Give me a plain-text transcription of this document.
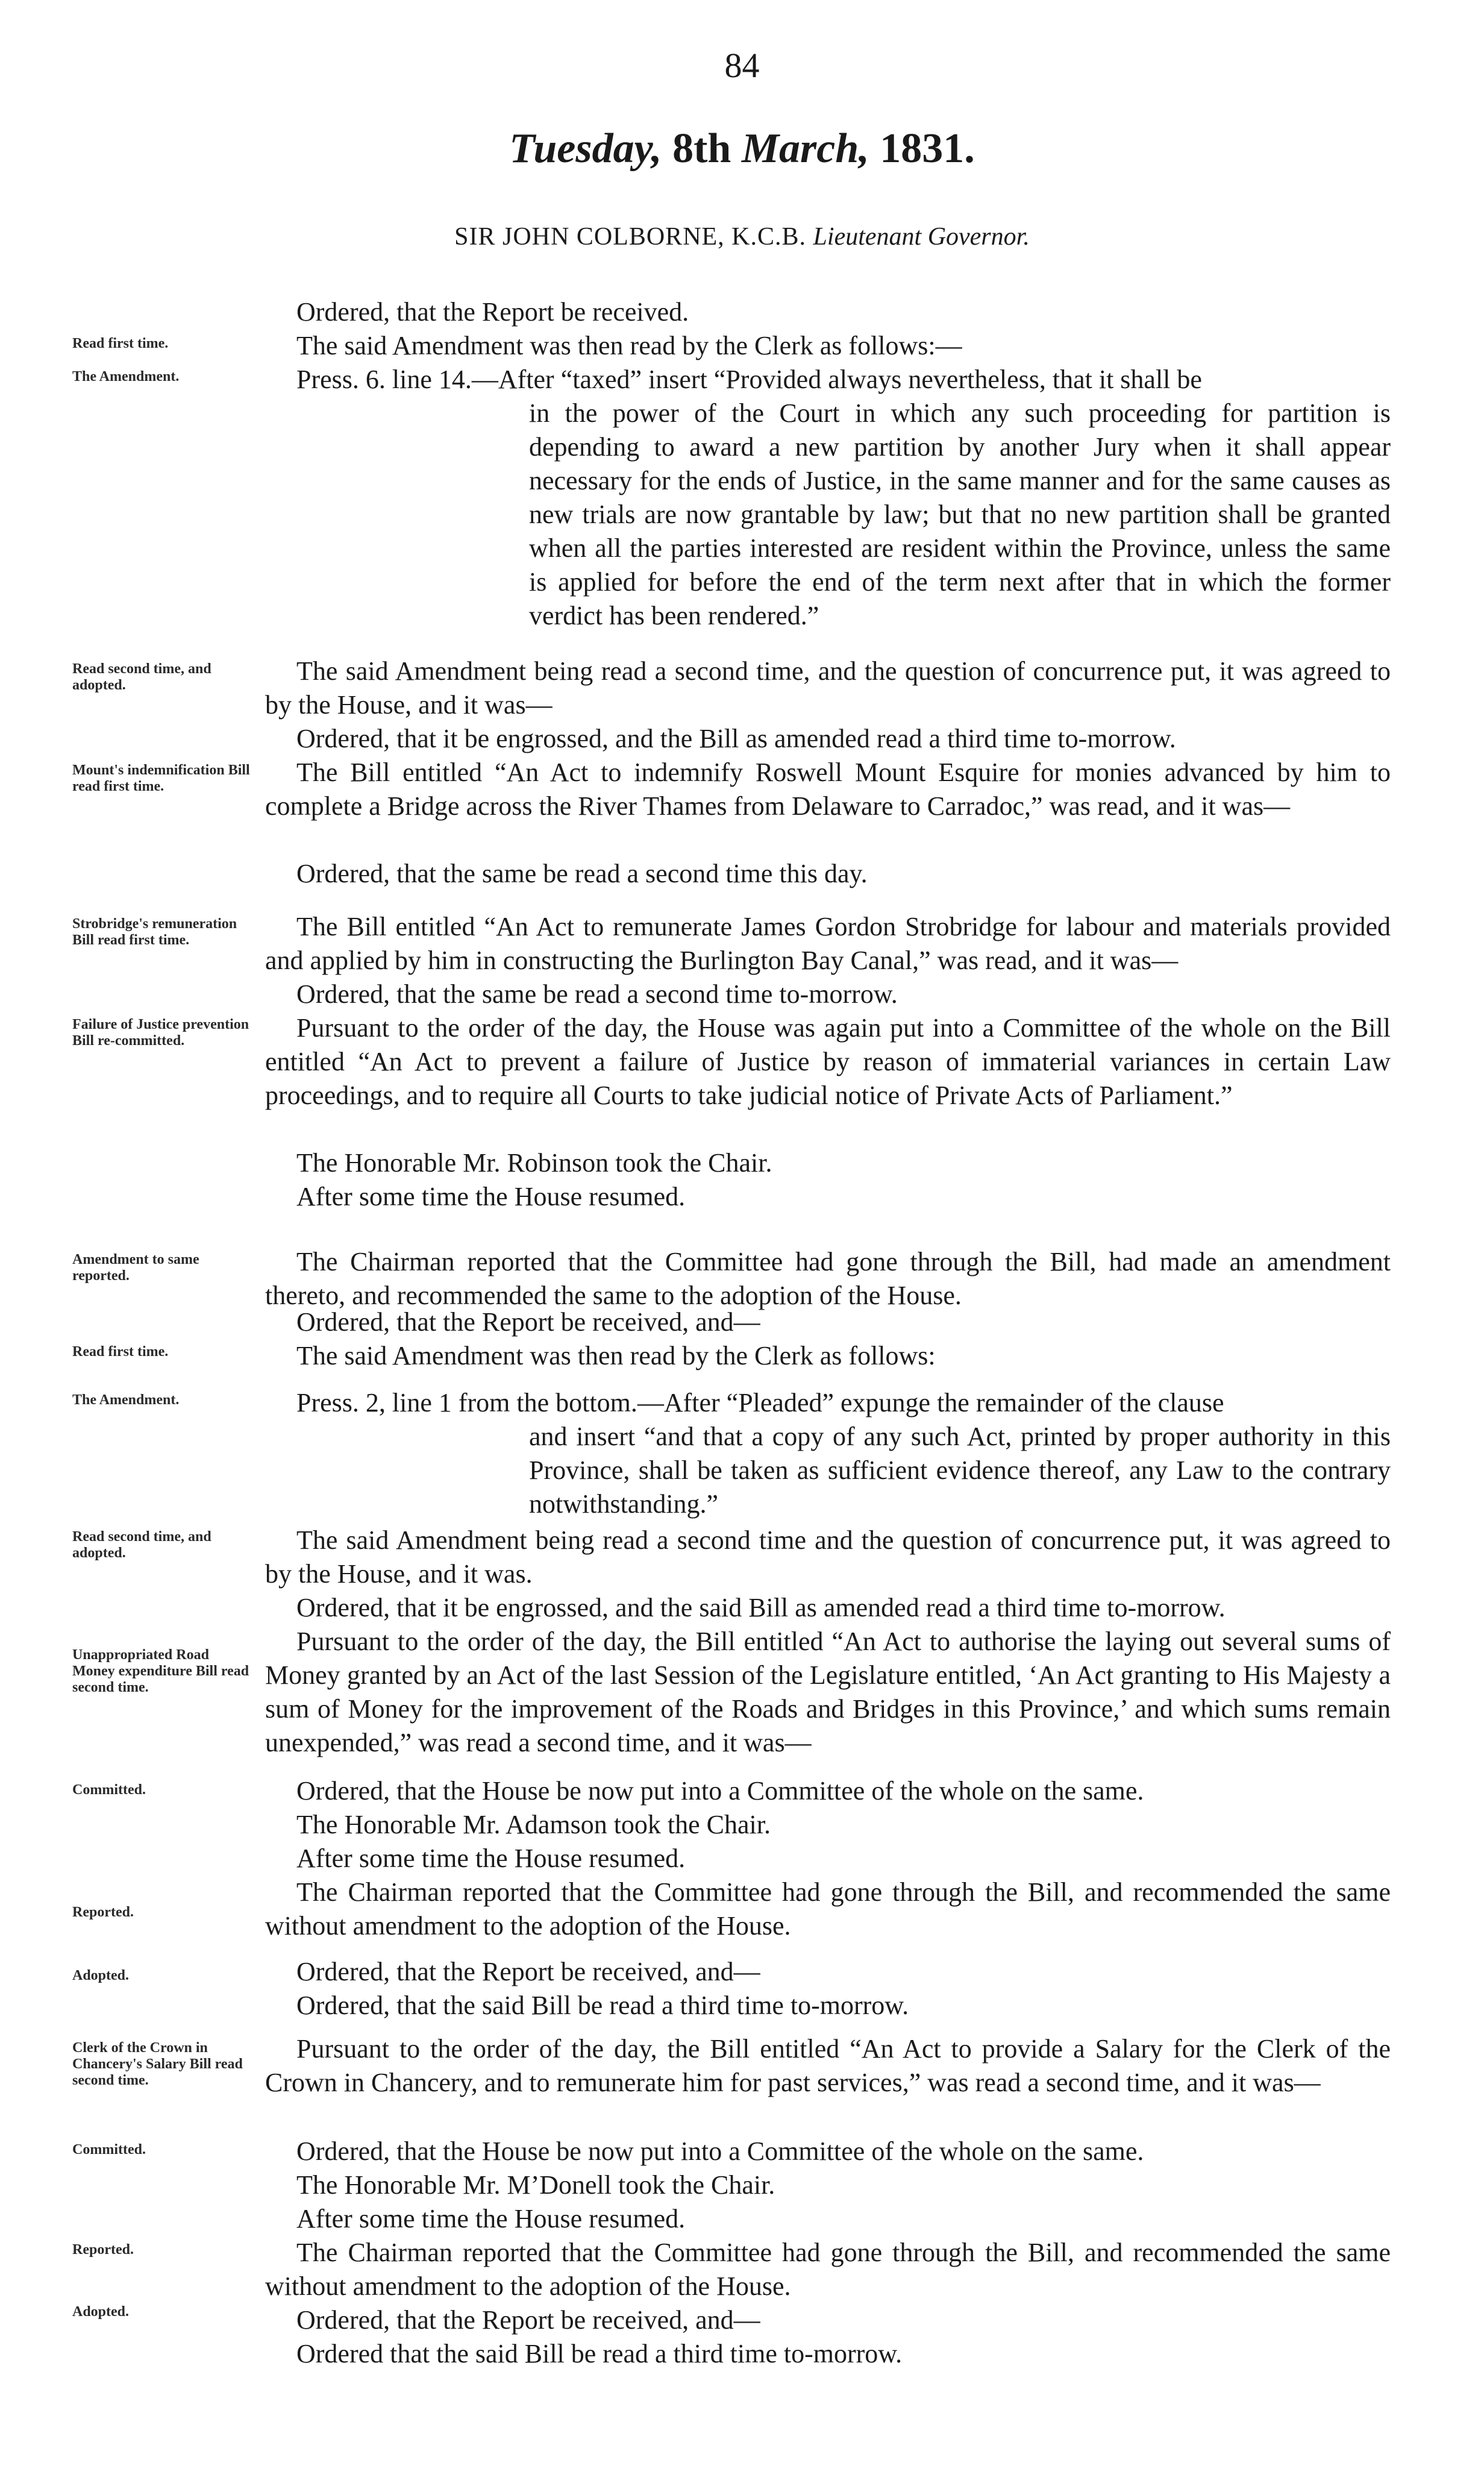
84
Tuesday, 8th March, 1831.
SIR JOHN COLBORNE, K.C.B. Lieutenant Governor.
Read first time.
The Amendment.
Read second time, and adopted.
Mount's indemnification Bill read first time.
Strobridge's remuneration Bill read first time.
Failure of Justice prevention Bill re-committed.
Amendment to same reported.
Read first time.
The Amendment.
Read second time, and adopted.
Unappropriated Road Money expenditure Bill read second time.
Committed.
Reported.
Adopted.
Clerk of the Crown in Chancery's Salary Bill read second time.
Committed.
Reported.
Adopted.
Ordered, that the Report be received.
The said Amendment was then read by the Clerk as follows:—
Press. 6. line 14.—After “taxed” insert “Provided always nevertheless, that it shall be
in the power of the Court in which any such proceeding for partition is depending to award a new partition by another Jury when it shall appear necessary for the ends of Justice, in the same manner and for the same causes as new trials are now grantable by law; but that no new partition shall be granted when all the parties interested are resident within the Province, unless the same is applied for before the end of the term next after that in which the former verdict has been rendered.”
The said Amendment being read a second time, and the question of concurrence put, it was agreed to by the House, and it was—
Ordered, that it be engrossed, and the Bill as amended read a third time to-morrow.
The Bill entitled “An Act to indemnify Roswell Mount Esquire for monies advanced by him to complete a Bridge across the River Thames from Delaware to Carradoc,” was read, and it was—
Ordered, that the same be read a second time this day.
The Bill entitled “An Act to remunerate James Gordon Strobridge for labour and materials provided and applied by him in constructing the Burlington Bay Canal,” was read, and it was—
Ordered, that the same be read a second time to-morrow.
Pursuant to the order of the day, the House was again put into a Committee of the whole on the Bill entitled “An Act to prevent a failure of Justice by reason of immaterial variances in certain Law proceedings, and to require all Courts to take judicial notice of Private Acts of Parliament.”
The Honorable Mr. Robinson took the Chair.
After some time the House resumed.
The Chairman reported that the Committee had gone through the Bill, had made an amendment thereto, and recommended the same to the adoption of the House.
Ordered, that the Report be received, and—
The said Amendment was then read by the Clerk as follows:
Press. 2, line 1 from the bottom.—After “Pleaded” expunge the remainder of the clause
and insert “and that a copy of any such Act, printed by proper authority in this Province, shall be taken as sufficient evidence thereof, any Law to the contrary notwithstanding.”
The said Amendment being read a second time and the question of concurrence put, it was agreed to by the House, and it was.
Ordered, that it be engrossed, and the said Bill as amended read a third time to-morrow.
Pursuant to the order of the day, the Bill entitled “An Act to authorise the laying out several sums of Money granted by an Act of the last Session of the Legislature entitled, ‘An Act granting to His Majesty a sum of Money for the improvement of the Roads and Bridges in this Province,’ and which sums remain unexpended,” was read a second time, and it was—
Ordered, that the House be now put into a Committee of the whole on the same.
The Honorable Mr. Adamson took the Chair.
After some time the House resumed.
The Chairman reported that the Committee had gone through the Bill, and recommended the same without amendment to the adoption of the House.
Ordered, that the Report be received, and—
Ordered, that the said Bill be read a third time to-morrow.
Pursuant to the order of the day, the Bill entitled “An Act to provide a Salary for the Clerk of the Crown in Chancery, and to remunerate him for past services,” was read a second time, and it was—
Ordered, that the House be now put into a Committee of the whole on the same.
The Honorable Mr. M’Donell took the Chair.
After some time the House resumed.
The Chairman reported that the Committee had gone through the Bill, and recommended the same without amendment to the adoption of the House.
Ordered, that the Report be received, and—
Ordered that the said Bill be read a third time to-morrow.
